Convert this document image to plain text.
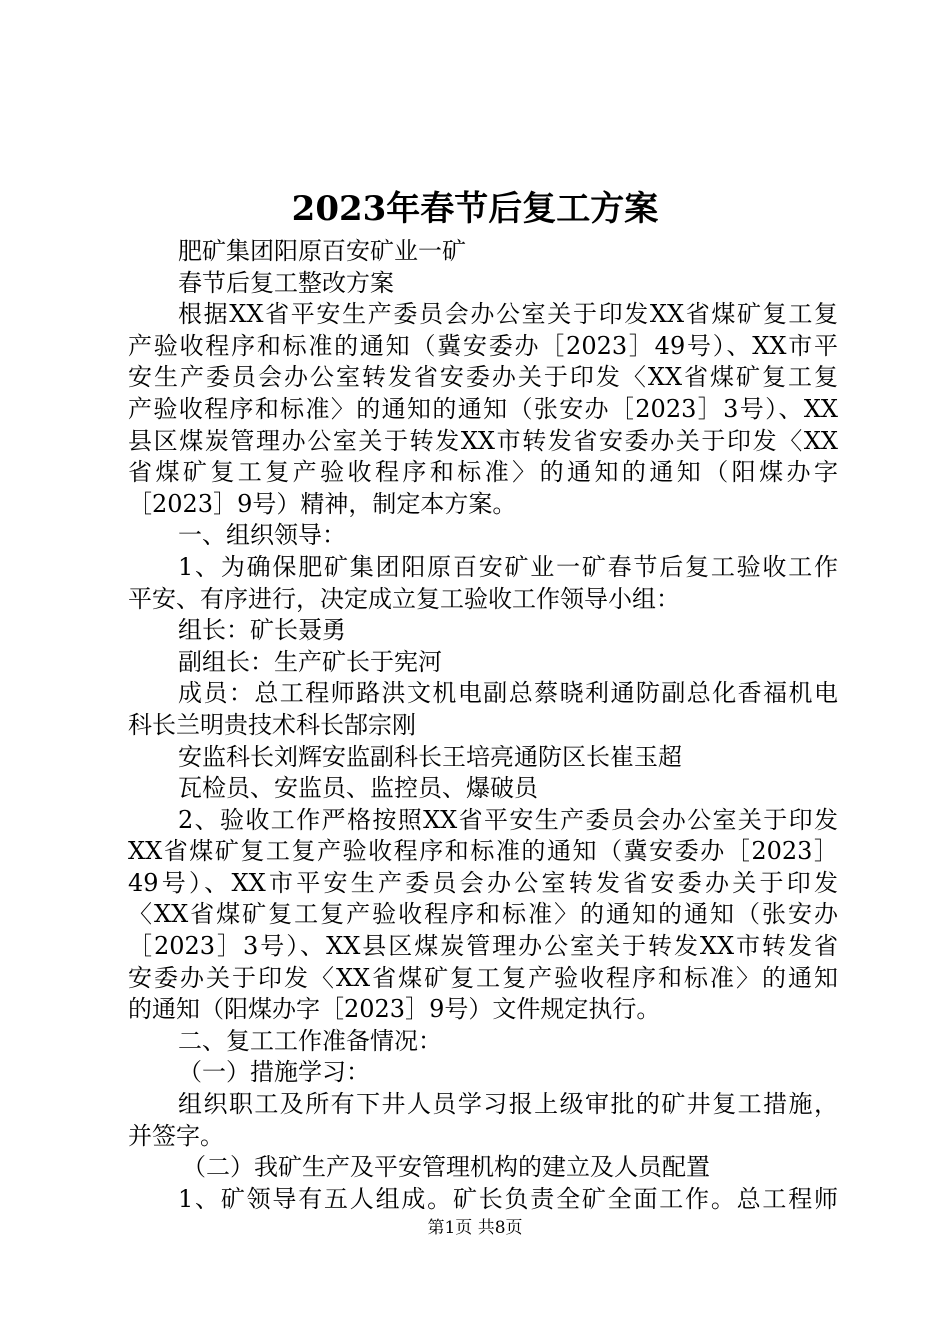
2023年春节后复工方案
肥矿集团阳原百安矿业一矿
春节后复工整改方案
根据XX省平安生产委员会办公室关于印发XX省煤矿复工复
产验收程序和标准的通知（冀安委办［2023］49号）、XX市平
安生产委员会办公室转发省安委办关于印发〈XX省煤矿复工复
产验收程序和标准〉的通知的通知（张安办［2023］3号）、XX
县区煤炭管理办公室关于转发XX市转发省安委办关于印发〈XX
省煤矿复工复产验收程序和标准〉的通知的通知（阳煤办字
［2023］9号）精神，制定本方案。
一、组织领导：
1、为确保肥矿集团阳原百安矿业一矿春节后复工验收工作
平安、有序进行，决定成立复工验收工作领导小组：
组长：矿长聂勇
副组长：生产矿长于宪河
成员：总工程师路洪文机电副总蔡晓利通防副总化香福机电
科长兰明贵技术科长郜宗刚
安监科长刘辉安监副科长王培亮通防区长崔玉超
瓦检员、安监员、监控员、爆破员
2、验收工作严格按照XX省平安生产委员会办公室关于印发
XX省煤矿复工复产验收程序和标准的通知（冀安委办［2023］
49号）、XX市平安生产委员会办公室转发省安委办关于印发
〈XX省煤矿复工复产验收程序和标准〉的通知的通知（张安办
［2023］3号）、XX县区煤炭管理办公室关于转发XX市转发省
安委办关于印发〈XX省煤矿复工复产验收程序和标准〉的通知
的通知（阳煤办字［2023］9号）文件规定执行。
二、复工工作准备情况：
（一）措施学习：
组织职工及所有下井人员学习报上级审批的矿井复工措施，
并签字。
（二）我矿生产及平安管理机构的建立及人员配置
1、矿领导有五人组成。矿长负责全矿全面工作。总工程师
第1页 共8页
